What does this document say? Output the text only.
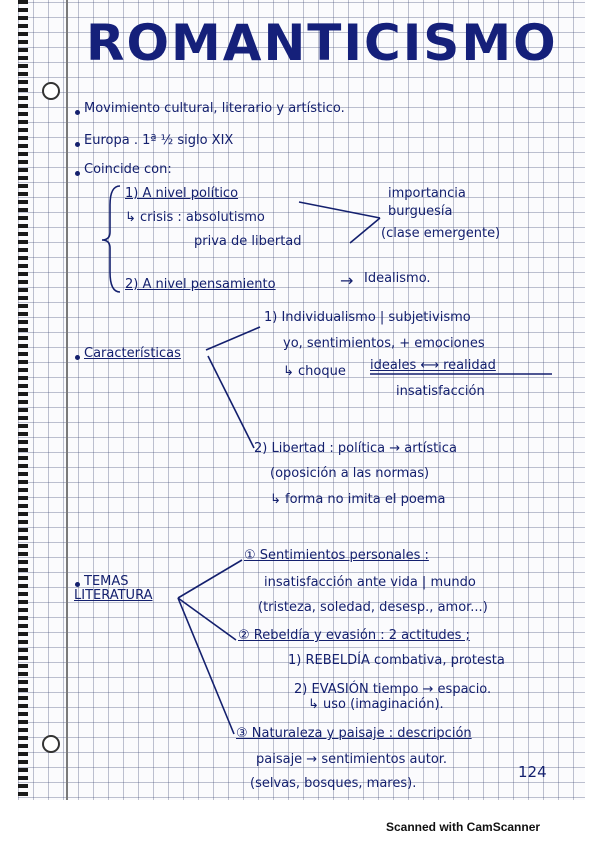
ROMANTICISMO
Movimiento cultural, literario y artístico.
Europa . 1ª ½ siglo XIX
Coincide con:
1) A nivel político
↳ crisis : absolutismo
priva de libertad
importancia
burguesía
(clase emergente)
2) A nivel pensamiento	→ Idealismo.
Características
1) Individualismo | subjetivismo
yo, sentimientos, + emociones
↳ choque ideales ⟷ realidad
insatisfacción
2) Libertad : política → artística
(oposición a las normas)
↳ forma no imita el poema
TEMAS
LITERATURA
① Sentimientos personales :
insatisfacción ante vida | mundo
(tristeza, soledad, desesp., amor...)
② Rebeldía y evasión : 2 actitudes ;
1) REBELDÍA combativa, protesta
2) EVASIÓN tiempo → espacio.
↳ uso (imaginación).
③ Naturaleza y paisaje : descripción
paisaje → sentimientos autor.
(selvas, bosques, mares).
124
Scanned with CamScanner
